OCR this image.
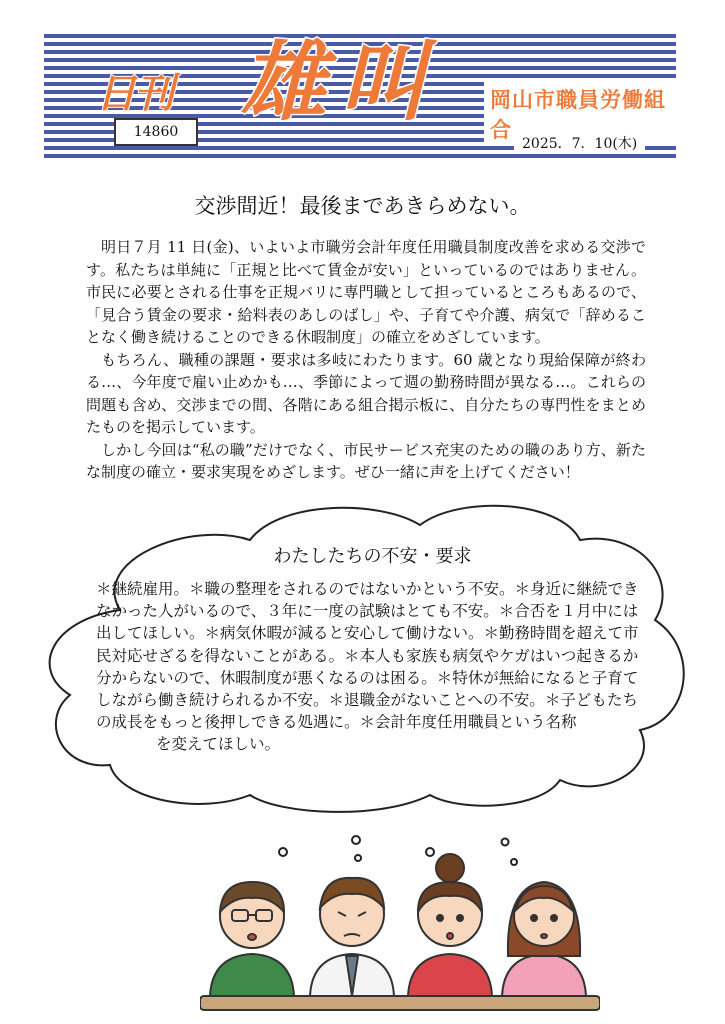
日刊 雄叫 岡山市職員労働組合
14860
2025．7．10(木)
交渉間近！最後まであきらめない。

明日７月 11 日(金)、いよいよ市職労会計年度任用職員制度改善を求める交渉です。私たちは単純に「正規と比べて賃金が安い」といっているのではありません。市民に必要とされる仕事を正規バリに専門職として担っているところもあるので、「見合う賃金の要求・給料表のあしのばし」や、子育てや介護、病気で「辞めることなく働き続けることのできる休暇制度」の確立をめざしています。

もちろん、職種の課題・要求は多岐にわたります。60 歳となり現給保障が終わる…、今年度で雇い止めかも…、季節によって週の勤務時間が異なる…。これらの問題も含め、交渉までの間、各階にある組合掲示板に、自分たちの専門性をまとめたものを掲示しています。

しかし今回は“私の職”だけでなく、市民サービス充実のための職のあり方、新たな制度の確立・要求実現をめざします。ぜひ一緒に声を上げてください！

わたしたちの不安・要求
＊継続雇用。＊職の整理をされるのではないかという不安。＊身近に継続できなかった人がいるので、３年に一度の試験はとても不安。＊合否を１月中には出してほしい。＊病気休暇が減ると安心して働けない。＊勤務時間を超えて市民対応せざるを得ないことがある。＊本人も家族も病気やケガはいつ起きるか分からないので、休暇制度が悪くなるのは困る。＊特休が無給になると子育てしながら働き続けられるか不安。＊退職金がないことへの不安。＊子どもたちの成長をもっと後押しできる処遇に。＊会計年度任用職員という名称
を変えてほしい。
